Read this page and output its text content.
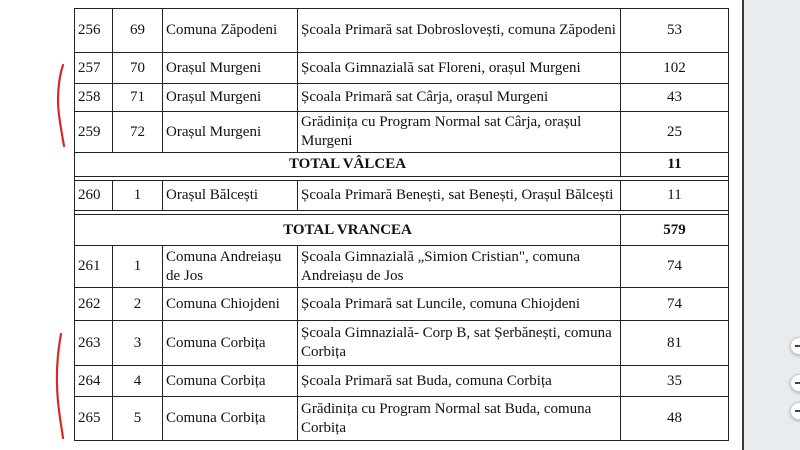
256	69	Comuna Zăpodeni	Școala Primară sat Dobroslovești, comuna Zăpodeni	53
257	70	Orașul Murgeni	Școala Gimnazială sat Floreni, orașul Murgeni	102
258	71	Orașul Murgeni	Școala Primară sat Cârja, orașul Murgeni	43
259	72	Orașul Murgeni	Grădinița cu Program Normal sat Cârja, orașul Murgeni	25
TOTAL VÂLCEA				11

260	1	Orașul Bălcești	Școala Primară Benești, sat Benești, Orașul Bălcești	11

TOTAL VRANCEA				579
261	1	Comuna Andreiașu de Jos	Școala Gimnazială „Simion Cristian", comuna Andreiașu de Jos	74
262	2	Comuna Chiojdeni	Școala Primară sat Luncile, comuna Chiojdeni	74
263	3	Comuna Corbița	Școala Gimnazială- Corp B, sat Șerbănești, comuna Corbița	81
264	4	Comuna Corbița	Școala Primară sat Buda, comuna Corbița	35
265	5	Comuna Corbița	Grădinița cu Program Normal sat Buda, comuna Corbița	48
